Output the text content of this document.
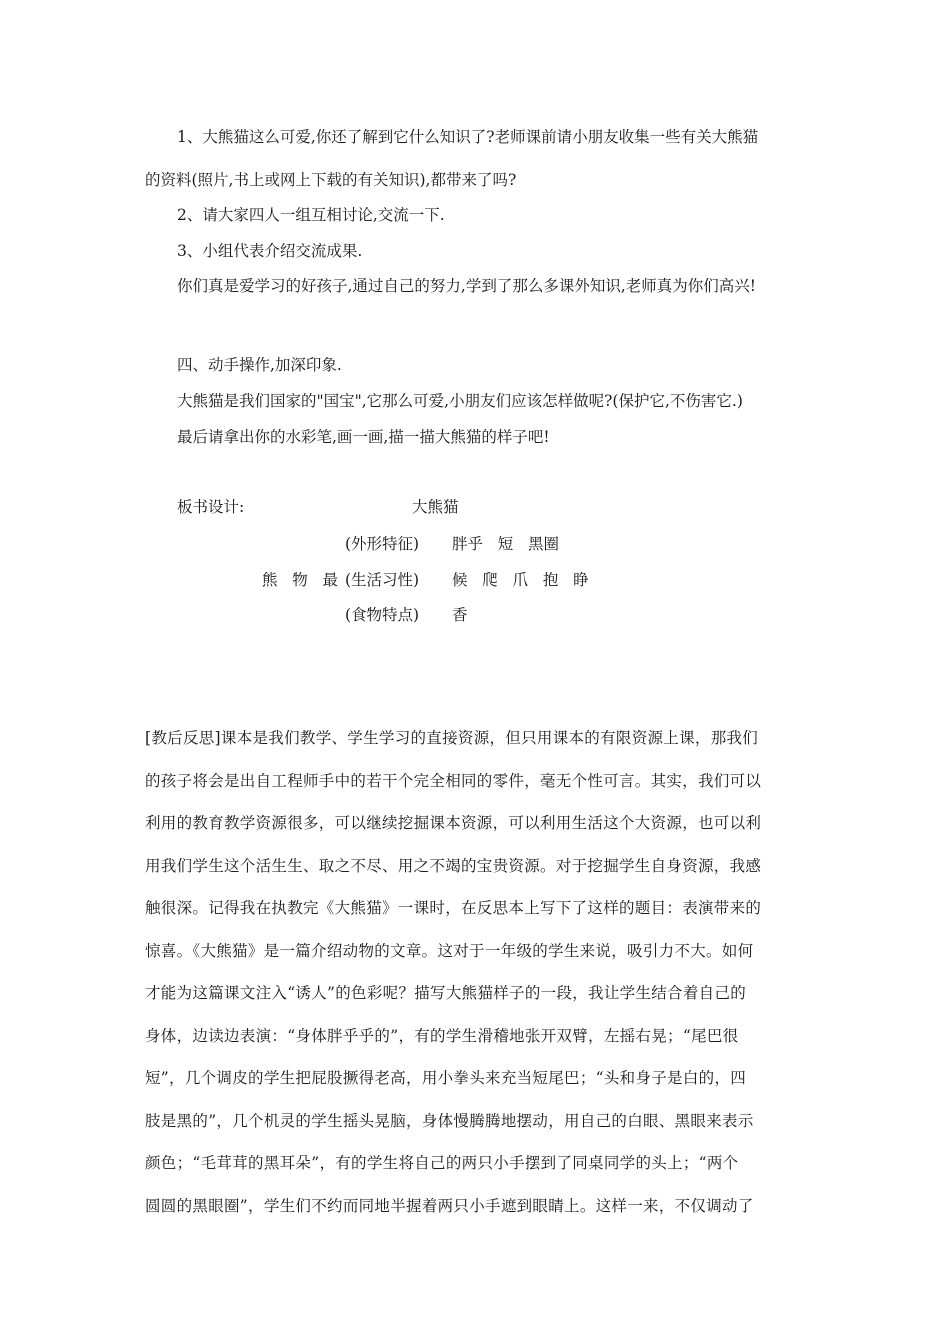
1、大熊猫这么可爱,你还了解到它什么知识了?老师课前请小朋友收集一些有关大熊猫
的资料(照片,书上或网上下载的有关知识),都带来了吗?
2、请大家四人一组互相讨论,交流一下.
3、小组代表介绍交流成果.
你们真是爱学习的好孩子,通过自己的努力,学到了那么多课外知识,老师真为你们高兴!
四、动手操作,加深印象.
大熊猫是我们国家的"国宝",它那么可爱,小朋友们应该怎样做呢?(保护它,不伤害它.)
最后请拿出你的水彩笔,画一画,描一描大熊猫的样子吧!
板书设计:	大熊猫
(外形特征) 胖乎   短   黑圈
熊   物   最 (生活习性) 候   爬   爪   抱   睁
(食物特点) 香
[教后反思]课本是我们教学、学生学习的直接资源，但只用课本的有限资源上课，那我们
的孩子将会是出自工程师手中的若干个完全相同的零件，毫无个性可言。其实，我们可以
利用的教育教学资源很多，可以继续挖掘课本资源，可以利用生活这个大资源，也可以利
用我们学生这个活生生、取之不尽、用之不竭的宝贵资源。对于挖掘学生自身资源，我感
触很深。记得我在执教完《大熊猫》一课时，在反思本上写下了这样的题目：表演带来的
惊喜。《大熊猫》是一篇介绍动物的文章。这对于一年级的学生来说，吸引力不大。如何
才能为这篇课文注入“诱人”的色彩呢？描写大熊猫样子的一段，我让学生结合着自己的
身体，边读边表演：“身体胖乎乎的”，有的学生滑稽地张开双臂，左摇右晃；“尾巴很
短”，几个调皮的学生把屁股撅得老高，用小拳头来充当短尾巴；“头和身子是白的，四
肢是黑的”，几个机灵的学生摇头晃脑，身体慢腾腾地摆动，用自己的白眼、黑眼来表示
颜色；“毛茸茸的黑耳朵”，有的学生将自己的两只小手摆到了同桌同学的头上；“两个
圆圆的黑眼圈”，学生们不约而同地半握着两只小手遮到眼睛上。这样一来，不仅调动了
